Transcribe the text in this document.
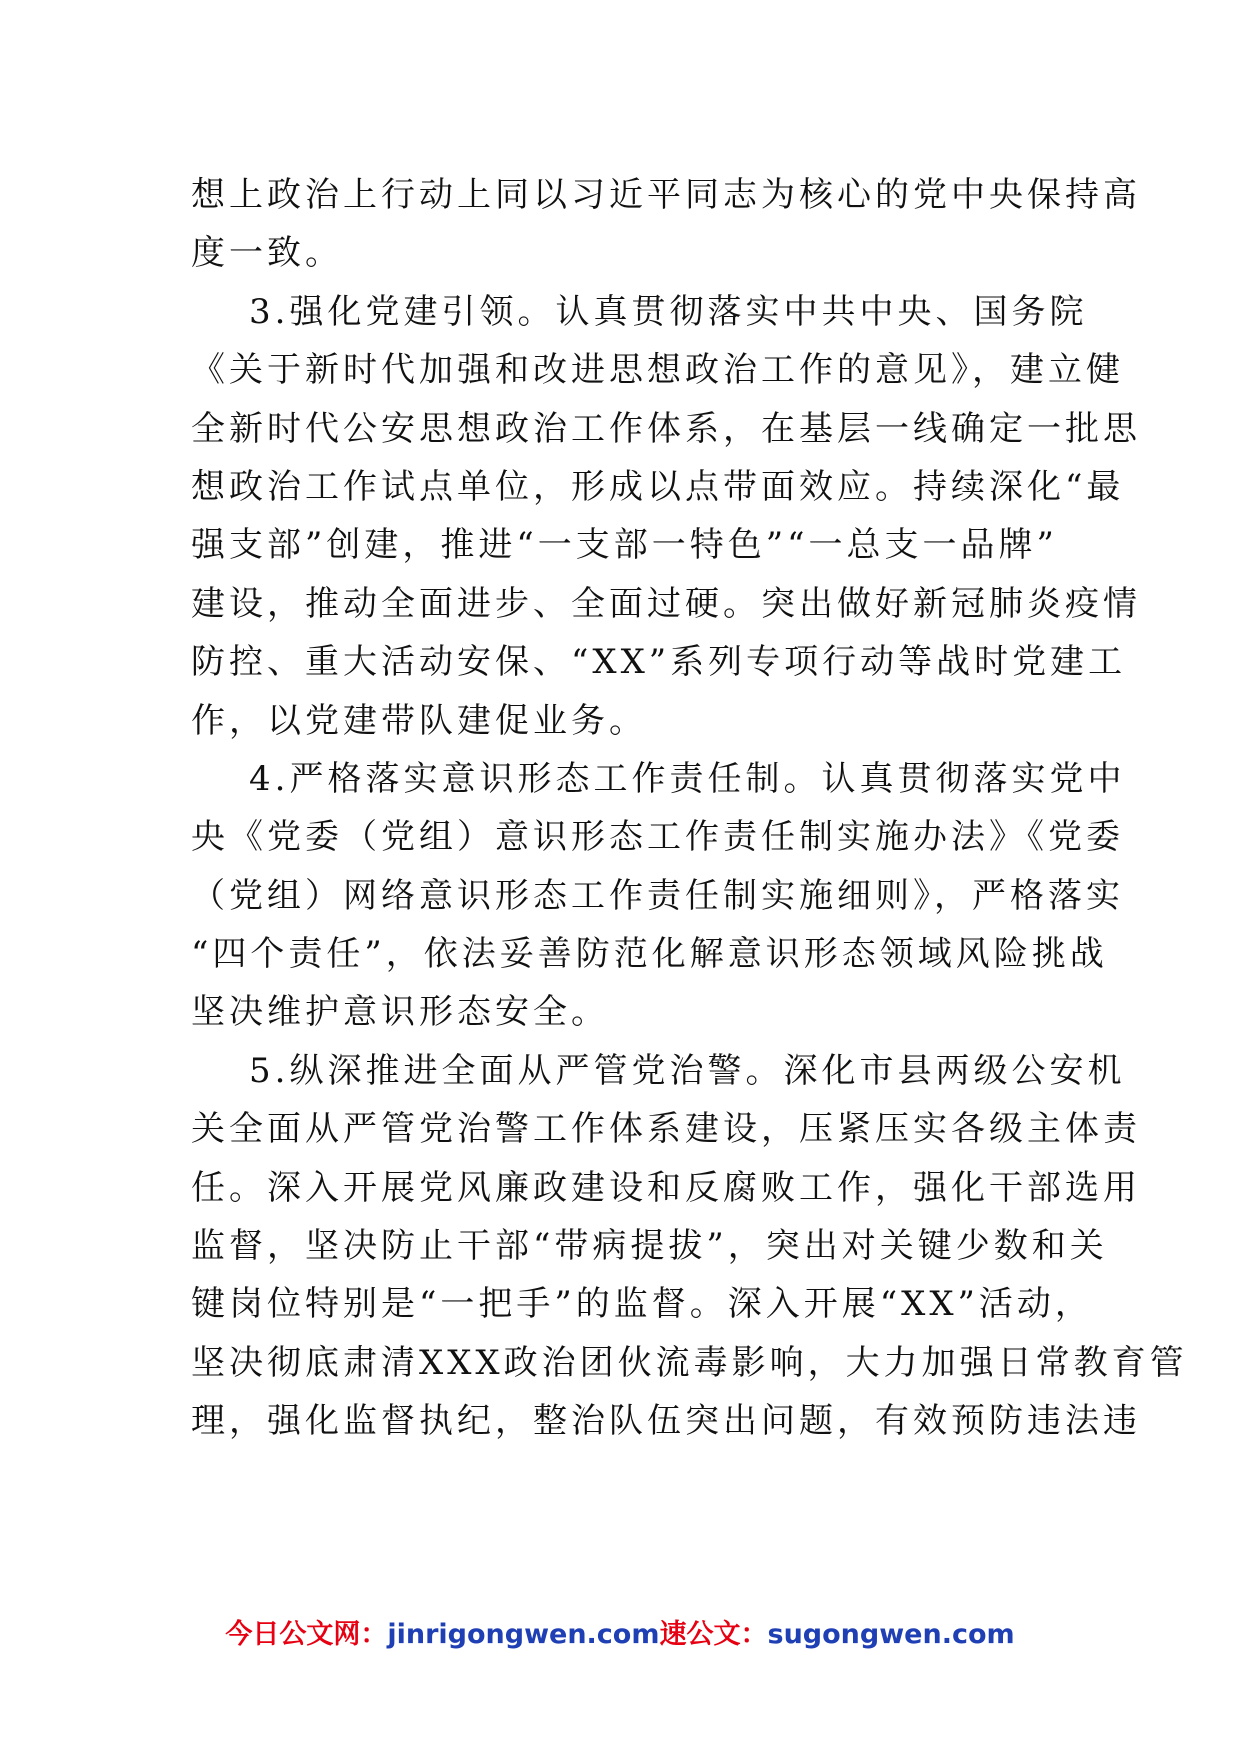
想上政治上行动上同以习近平同志为核心的党中央保持高
度一致。
3.强化党建引领。认真贯彻落实中共中央、国务院
《关于新时代加强和改进思想政治工作的意见》，建立健
全新时代公安思想政治工作体系，在基层一线确定一批思
想政治工作试点单位，形成以点带面效应。持续深化“最
强支部”创建，推进“一支部一特色”“一总支一品牌”
建设，推动全面进步、全面过硬。突出做好新冠肺炎疫情
防控、重大活动安保、“XX”系列专项行动等战时党建工
作，以党建带队建促业务。
4.严格落实意识形态工作责任制。认真贯彻落实党中
央《党委（党组）意识形态工作责任制实施办法》《党委
（党组）网络意识形态工作责任制实施细则》，严格落实
“四个责任”，依法妥善防范化解意识形态领域风险挑战
坚决维护意识形态安全。
5.纵深推进全面从严管党治警。深化市县两级公安机
关全面从严管党治警工作体系建设，压紧压实各级主体责
任。深入开展党风廉政建设和反腐败工作，强化干部选用
监督，坚决防止干部“带病提拔”，突出对关键少数和关
键岗位特别是“一把手”的监督。深入开展“XX”活动，
坚决彻底肃清XXX政治团伙流毒影响，大力加强日常教育管
理，强化监督执纪，整治队伍突出问题，有效预防违法违
今日公文网：jinrigongwen.com速公文：sugongwen.com
